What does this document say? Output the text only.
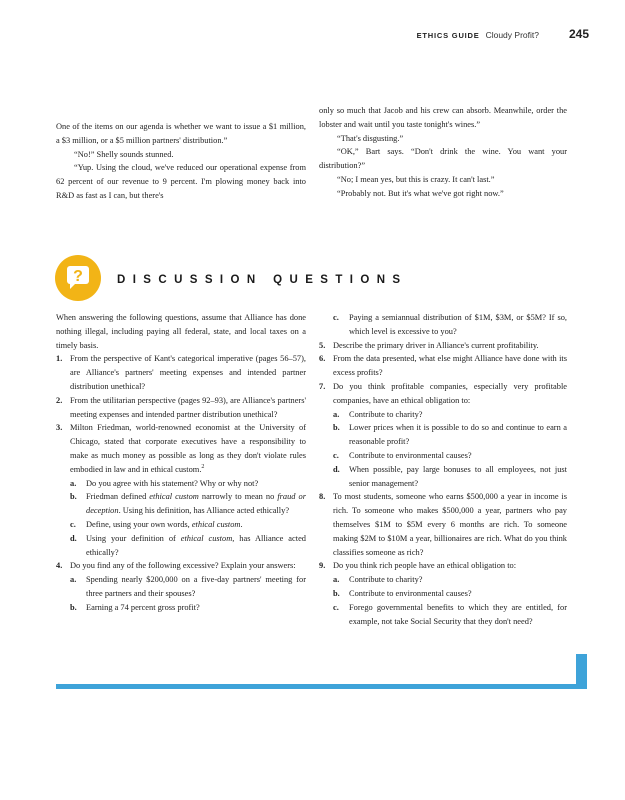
ETHICS GUIDE Cloudy Profit?	245

One of the items on our agenda is whether we want to issue a $1 million, a $3 million, or a $5 million partners' distribution.”

“No!” Shelly sounds stunned.

“Yup. Using the cloud, we've reduced our operational expense from 62 percent of our revenue to 9 percent. I'm plowing money back into R&D as fast as I can, but there's

only so much that Jacob and his crew can absorb. Meanwhile, order the lobster and wait until you taste tonight's wines.”

“That's disgusting.”

“OK,” Bart says. “Don't drink the wine. You want your distribution?”

“No; I mean yes, but this is crazy. It can't last.”

“Probably not. But it's what we've got right now.”

?	DISCUSSION QUESTIONS

When answering the following questions, assume that Alliance has done nothing illegal, including paying all federal, state, and local taxes on a timely basis.

1. From the perspective of Kant's categorical imperative (pages 56–57), are Alliance's partners' meeting expenses and intended partner distribution unethical?
2. From the utilitarian perspective (pages 92–93), are Alliance's partners' meeting expenses and intended partner distribution unethical?
3. Milton Friedman, world-renowned economist at the University of Chicago, stated that corporate executives have a responsibility to make as much money as possible as long as they don't violate rules embodied in law and in ethical custom.$^2$
a. Do you agree with his statement? Why or why not?
b. Friedman defined ethical custom narrowly to mean no fraud or deception. Using his definition, has Alliance acted ethically?
c. Define, using your own words, ethical custom.
d. Using your definition of ethical custom, has Alliance acted ethically?
4. Do you find any of the following excessive? Explain your answers:
a. Spending nearly $200,000 on a five-day partners' meeting for three partners and their spouses?
b. Earning a 74 percent gross profit?
c. Paying a semiannual distribution of $1M, $3M, or $5M? If so, which level is excessive to you?
5. Describe the primary driver in Alliance's current profitability.
6. From the data presented, what else might Alliance have done with its excess profits?
7. Do you think profitable companies, especially very profitable companies, have an ethical obligation to:
a. Contribute to charity?
b. Lower prices when it is possible to do so and continue to earn a reasonable profit?
c. Contribute to environmental causes?
d. When possible, pay large bonuses to all employees, not just senior management?
8. To most students, someone who earns $500,000 a year in income is rich. To someone who makes $500,000 a year, partners who pay themselves $1M to $5M every 6 months are rich. To someone making $2M to $10M a year, billionaires are rich. What do you think classifies someone as rich?
9. Do you think rich people have an ethical obligation to:
a. Contribute to charity?
b. Contribute to environmental causes?
c. Forego governmental benefits to which they are entitled, for example, not take Social Security that they don't need?
